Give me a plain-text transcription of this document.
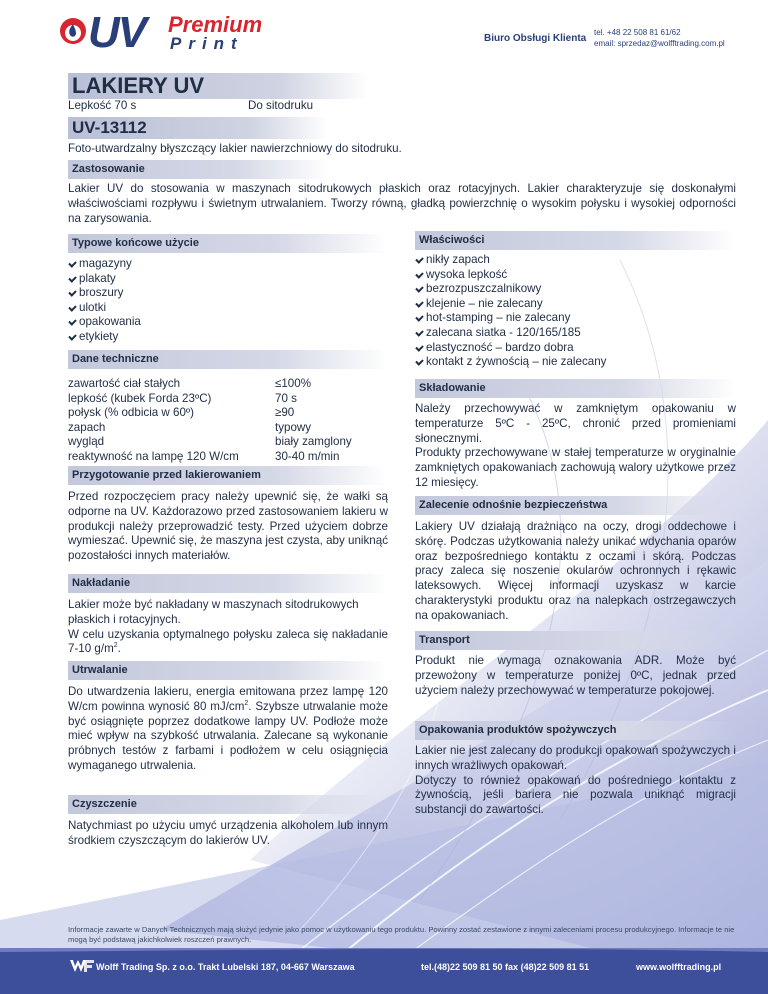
UV Premium
Print	Biuro Obsługi Klienta
tel. +48 22 508 81 61/62
email: sprzedaz@wolfftrading.com.pl
LAKIERY UV
Lepkość 70 s	Do sitodruku
UV-13112
Foto-utwardzalny błyszczący lakier nawierzchniowy do sitodruku.
Zastosowanie
Lakier UV do stosowania w maszynach sitodrukowych płaskich oraz rotacyjnych. Lakier charakteryzuje się doskonałymi właściwościami rozpływu i świetnym utrwalaniem. Tworzy równą, gładką powierzchnię o wysokim połysku i wysokiej odporności na zarysowania.
Typowe końcowe użycie
magazyny
plakaty
broszury
ulotki
opakowania
etykiety
Właściwości
nikły zapach
wysoka lepkość
bezrozpuszczalnikowy
klejenie – nie zalecany
hot-stamping – nie zalecany
zalecana siatka - 120/165/185
elastyczność – bardzo dobra
kontakt z żywnością – nie zalecany
Dane techniczne
zawartość ciał stałych	≤100%
lepkość (kubek Forda 23ºC)	70 s
połysk (% odbicia w 60º)	≥90
zapach	typowy
wygląd	biały zamglony
reaktywność na lampę 120 W/cm	30-40 m/min
Przygotowanie przed lakierowaniem
Przed rozpoczęciem pracy należy upewnić się, że wałki są odporne na UV. Każdorazowo przed zastosowaniem lakieru w produkcji należy przeprowadzić testy. Przed użyciem dobrze wymieszać. Upewnić się, że maszyna jest czysta, aby uniknąć pozostałości innych materiałów.
Nakładanie
Lakier może być nakładany w maszynach sitodrukowych płaskich i rotacyjnych.
W celu uzyskania optymalnego połysku zaleca się nakładanie 7-10 $g/m^2$.
Utrwalanie
Do utwardzenia lakieru, energia emitowana przez lampę 120 W/cm powinna wynosić 80 $mJ/cm^2$. Szybsze utrwalanie może być osiągnięte poprzez dodatkowe lampy UV. Podłoże może mieć wpływ na szybkość utrwalania. Zalecane są wykonanie próbnych testów z farbami i podłożem w celu osiągnięcia wymaganego utrwalenia.
Czyszczenie
Natychmiast po użyciu umyć urządzenia alkoholem lub innym środkiem czyszczącym do lakierów UV.
Składowanie
Należy przechowywać w zamkniętym opakowaniu w temperaturze 5ºC - 25ºC, chronić przed promieniami słonecznymi.
Produkty przechowywane w stałej temperaturze w oryginalnie zamkniętych opakowaniach zachowują walory użytkowe przez 12 miesięcy.
Zalecenie odnośnie bezpieczeństwa
Lakiery UV działają drażniąco na oczy, drogi oddechowe i skórę. Podczas użytkowania należy unikać wdychania oparów oraz bezpośredniego kontaktu z oczami i skórą. Podczas pracy zaleca się noszenie okularów ochronnych i rękawic lateksowych. Więcej informacji uzyskasz w karcie charakterystyki produktu oraz na nalepkach ostrzegawczych na opakowaniach.
Transport
Produkt nie wymaga oznakowania ADR. Może być przewożony w temperaturze poniżej 0ºC, jednak przed użyciem należy przechowywać w temperaturze pokojowej.
Opakowania produktów spożywczych
Lakier nie jest zalecany do produkcji opakowań spożywczych i innych wrażliwych opakowań.
Dotyczy to również opakowań do pośredniego kontaktu z żywnością, jeśli bariera nie pozwala uniknąć migracji substancji do zawartości.
Informacje zawarte w Danych Technicznych mają służyć jedynie jako pomoc w użytkowaniu tego produktu. Powinny zostać zestawione z innymi zaleceniami procesu produkcyjnego. Informacje te nie mogą być podstawą jakichkolwiek roszczeń prawnych.
Wolff Trading Sp. z o.o. Trakt Lubelski 187, 04-667 Warszawa	tel.(48)22 509 81 50 fax (48)22 509 81 51	www.wolfftrading.pl
